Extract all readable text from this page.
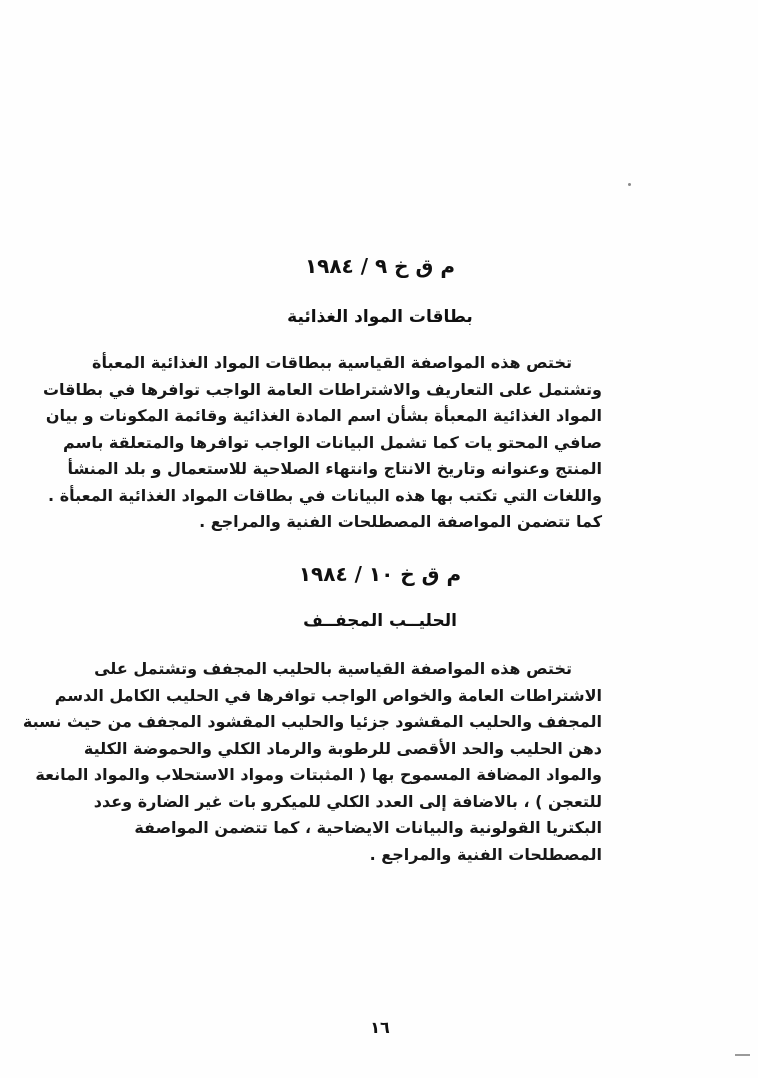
م ق خ ٩ / ١٩٨٤
بطاقات المواد الغذائية
تختص هذه المواصفة القياسية ببطاقات المواد الغذائية المعبأة
وتشتمل على التعاريف والاشتراطات العامة الواجب توافرها في بطاقات
المواد الغذائية المعبأة بشأن اسم المادة الغذائية وقائمة المكونات و بيان
صافي المحتو يات كما تشمل البيانات الواجب توافرها والمتعلقة باسم
المنتج وعنوانه وتاريخ الانتاج وانتهاء الصلاحية للاستعمال و بلد المنشأ
واللغات التي تكتب بها هذه البيانات في بطاقات المواد الغذائية المعبأة .
كما تتضمن المواصفة المصطلحات الفنية والمراجع .
م ق خ ١٠ / ١٩٨٤
الحليــب المجفــف
تختص هذه المواصفة القياسية بالحليب المجفف وتشتمل على
الاشتراطات العامة والخواص الواجب توافرها في الحليب الكامل الدسم
المجفف والحليب المقشود جزئيا والحليب المقشود المجفف من حيث نسبة
دهن الحليب والحد الأقصى للرطوبة والرماد الكلي والحموضة الكلية
والمواد المضافة المسموح بها ( المثبتات ومواد الاستحلاب والمواد المانعة
للتعجن ) ، بالاضافة إلى العدد الكلي للميكرو بات غير الضارة وعدد
البكتريا القولونية والبيانات الايضاحية ، كما تتضمن المواصفة
المصطلحات الفنية والمراجع .
١٦
